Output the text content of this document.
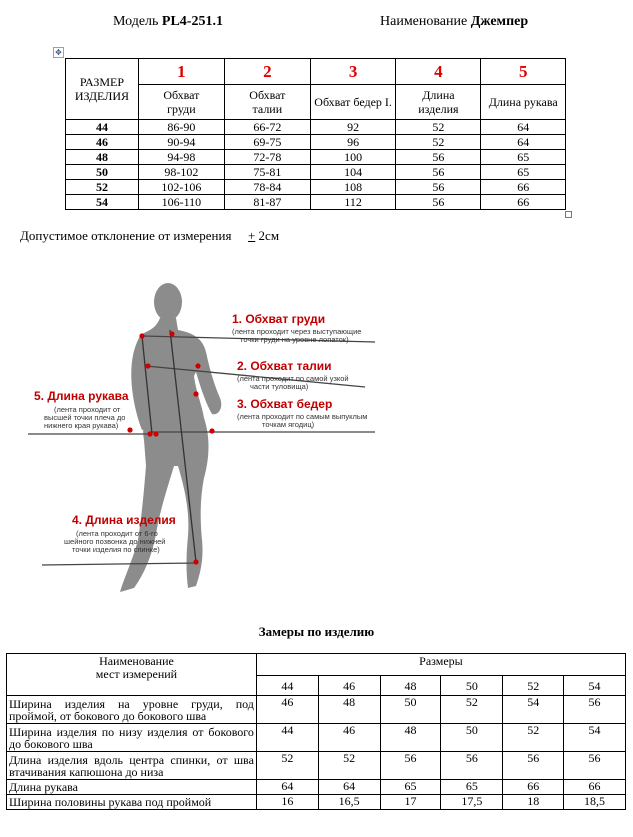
Модель PL4-251.1	Наименование Джемпер
✥
РАЗМЕР ИЗДЕЛИЯ	1	2	3	4	5
	Обхват груди	Обхват талии	Обхват бедер I.	Длина изделия	Длина рукава
44	86-90	66-72	92	52	64
46	90-94	69-75	96	52	64
48	94-98	72-78	100	56	65
50	98-102	75-81	104	56	65
52	102-106	78-84	108	56	66
54	106-110	81-87	112	56	66
Допустимое отклонение от измерения + 2см
1. Обхват груди
(лента проходит через выступающие
точки груди на уровне лопаток)
2. Обхват талии
(лента проходит по самой узкой
части туловища)
3. Обхват бедер
(лента проходит по самым выпуклым
точкам ягодиц)
5. Длина рукава
(лента проходит от
высшей точки плеча до
нижнего края рукава)
4. Длина изделия
(лента проходит от 6-го
шейного позвонка до нижней
точки изделия по спинке)
Замеры по изделию
Наименование мест измерений	Размеры					
	44	46	48	50	52	54
Ширина изделия на уровне груди, под проймой, от бокового до бокового шва	46	48	50	52	54	56
Ширина изделия по низу изделия от бокового до бокового шва	44	46	48	50	52	54
Длина изделия вдоль центра спинки, от шва втачивания капюшона до низа	52	52	56	56	56	56
Длина рукава	64	64	65	65	66	66
Ширина половины рукава под проймой	16	16,5	17	17,5	18	18,5
